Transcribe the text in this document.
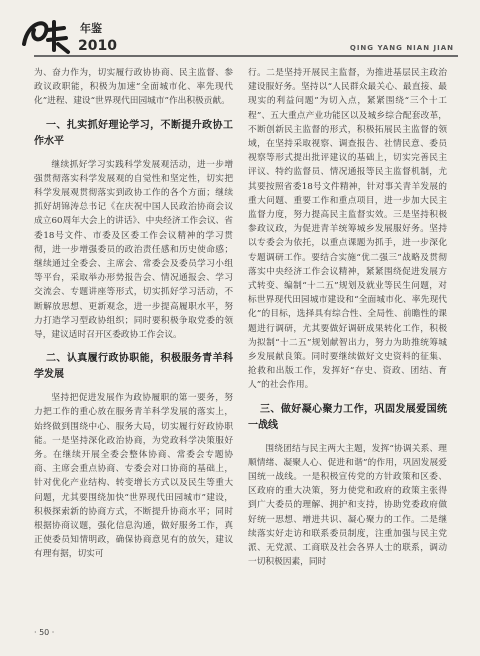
年鉴
2010	QING YANG NIAN JIAN

为、奋力作为，切实履行政协协商、民主监督、参政议政职能，积极为加速“全面城市化、率先现代化”进程、建设“世界现代田园城市”作出积极贡献。

一、扎实抓好理论学习，不断提升政协工作水平

继续抓好学习实践科学发展观活动，进一步增强贯彻落实科学发展观的自觉性和坚定性，切实把科学发展观贯彻落实到政协工作的各个方面；继续抓好胡锦涛总书记《在庆祝中国人民政治协商会议成立60周年大会上的讲话》、中央经济工作会议、省委18号文件、市委及区委工作会议精神的学习贯彻，进一步增强委员的政治责任感和历史使命感；继续通过全委会、主席会、常委会及委员学习小组等平台，采取举办形势报告会、情况通报会、学习交流会、专题讲座等形式，切实抓好学习活动，不断解放思想、更新观念，进一步提高履职水平，努力打造学习型政协组织；同时要积极争取党委的领导，建议适时召开区委政协工作会议。

二、认真履行政协职能，积极服务青羊科学发展

坚持把促进发展作为政协履职的第一要务，努力把工作的重心放在服务青羊科学发展的落实上，始终做到围绕中心、服务大局，切实履行好政协职能。一是坚持深化政治协商，为党政科学决策服好务。在继续开展全委会整体协商、常委会专题协商、主席会重点协商、专委会对口协商的基础上，针对优化产业结构、转变增长方式以及民生等重大问题，尤其要围绕加快“世界现代田园城市”建设，积极探索新的协商方式，不断提升协商水平；同时根据协商议题，强化信息沟通，做好服务工作，真正使委员知情明政，确保协商意见有的放矢，建议有理有据，切实可

行。二是坚持开展民主监督，为推进基层民主政治建设服好务。坚持以“人民群众最关心、最直接、最现实的利益问题”为切入点，紧紧围绕“三个十工程”、五大重点产业功能区以及城乡综合配套改革，不断创新民主监督的形式，积极拓展民主监督的领域，在坚持采取视察、调查报告、社情民意、委员视察等形式提出批评建议的基础上，切实完善民主评议、特约监督员、情况通报等民主监督机制，尤其要按照省委18号文件精神，针对事关青羊发展的重大问题、重要工作和重点项目，进一步加大民主监督力度，努力提高民主监督实效。三是坚持积极参政议政，为促进青羊统筹城乡发展服好务。坚持以专委会为依托，以重点课题为抓手，进一步深化专题调研工作。要结合实施“优二强三”战略及贯彻落实中央经济工作会议精神，紧紧围绕促进发展方式转变、编制“十二五”规划及就业等民生问题，对标世界现代田园城市建设和“全面城市化、率先现代化”的目标，选择具有综合性、全局性、前瞻性的课题进行调研，尤其要做好调研成果转化工作，积极为拟制“十二五”规划献智出力，努力为助推统筹城乡发展献良策。同时要继续做好文史资料的征集、抢救和出版工作，发挥好“存史、资政、团结、育人”的社会作用。

三、做好凝心聚力工作，巩固发展爱国统一战线

围绕团结与民主两大主题，发挥“协调关系、理顺情绪、凝聚人心、促进和谐”的作用，巩固发展爱国统一战线。一是积极宣传党的方针政策和区委、区政府的重大决策，努力使党和政府的政策主张得到广大委员的理解、拥护和支持，协助党委政府做好统一思想、增进共识、凝心聚力的工作。二是继续落实好走访和联系委员制度，注重加强与民主党派、无党派、工商联及社会各界人士的联系，调动一切积极因素，同时

· 50 ·
